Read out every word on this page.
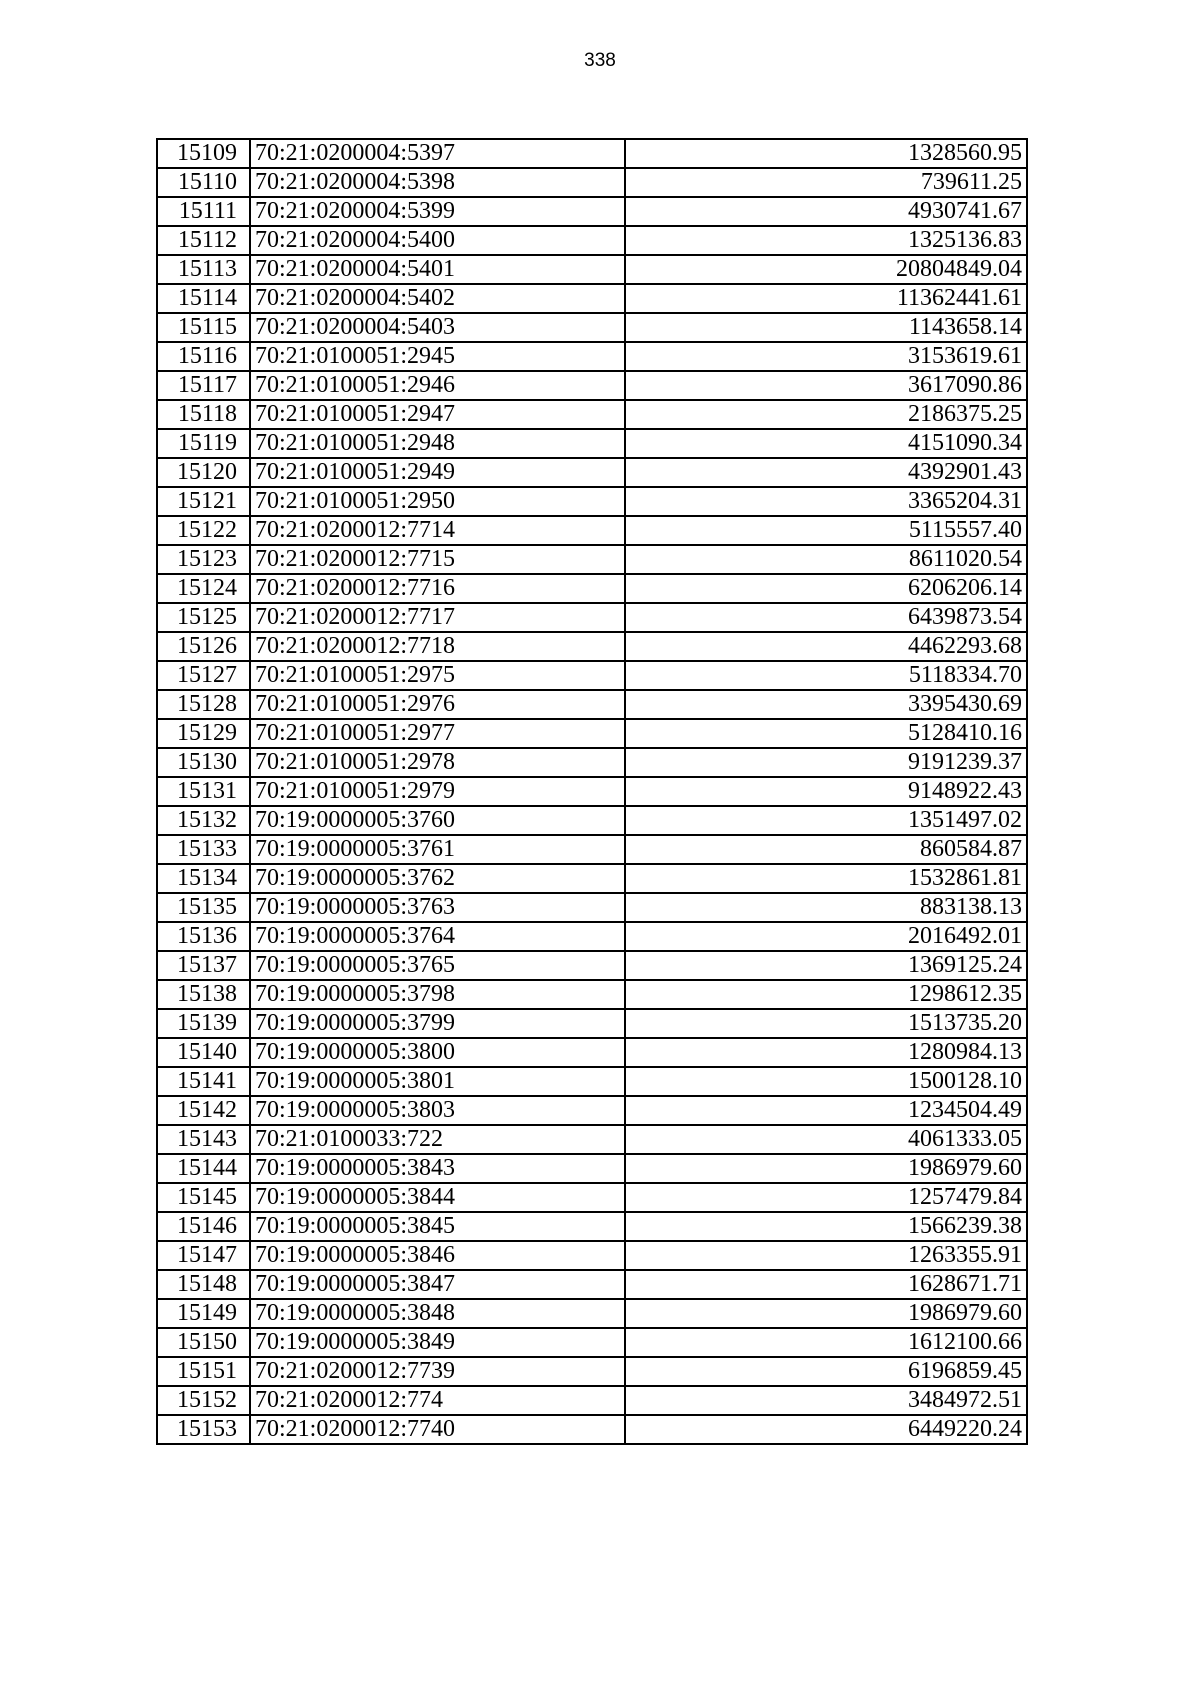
338
15109	70:21:0200004:5397	1328560.95
15110	70:21:0200004:5398	739611.25
15111	70:21:0200004:5399	4930741.67
15112	70:21:0200004:5400	1325136.83
15113	70:21:0200004:5401	20804849.04
15114	70:21:0200004:5402	11362441.61
15115	70:21:0200004:5403	1143658.14
15116	70:21:0100051:2945	3153619.61
15117	70:21:0100051:2946	3617090.86
15118	70:21:0100051:2947	2186375.25
15119	70:21:0100051:2948	4151090.34
15120	70:21:0100051:2949	4392901.43
15121	70:21:0100051:2950	3365204.31
15122	70:21:0200012:7714	5115557.40
15123	70:21:0200012:7715	8611020.54
15124	70:21:0200012:7716	6206206.14
15125	70:21:0200012:7717	6439873.54
15126	70:21:0200012:7718	4462293.68
15127	70:21:0100051:2975	5118334.70
15128	70:21:0100051:2976	3395430.69
15129	70:21:0100051:2977	5128410.16
15130	70:21:0100051:2978	9191239.37
15131	70:21:0100051:2979	9148922.43
15132	70:19:0000005:3760	1351497.02
15133	70:19:0000005:3761	860584.87
15134	70:19:0000005:3762	1532861.81
15135	70:19:0000005:3763	883138.13
15136	70:19:0000005:3764	2016492.01
15137	70:19:0000005:3765	1369125.24
15138	70:19:0000005:3798	1298612.35
15139	70:19:0000005:3799	1513735.20
15140	70:19:0000005:3800	1280984.13
15141	70:19:0000005:3801	1500128.10
15142	70:19:0000005:3803	1234504.49
15143	70:21:0100033:722	4061333.05
15144	70:19:0000005:3843	1986979.60
15145	70:19:0000005:3844	1257479.84
15146	70:19:0000005:3845	1566239.38
15147	70:19:0000005:3846	1263355.91
15148	70:19:0000005:3847	1628671.71
15149	70:19:0000005:3848	1986979.60
15150	70:19:0000005:3849	1612100.66
15151	70:21:0200012:7739	6196859.45
15152	70:21:0200012:774	3484972.51
15153	70:21:0200012:7740	6449220.24
